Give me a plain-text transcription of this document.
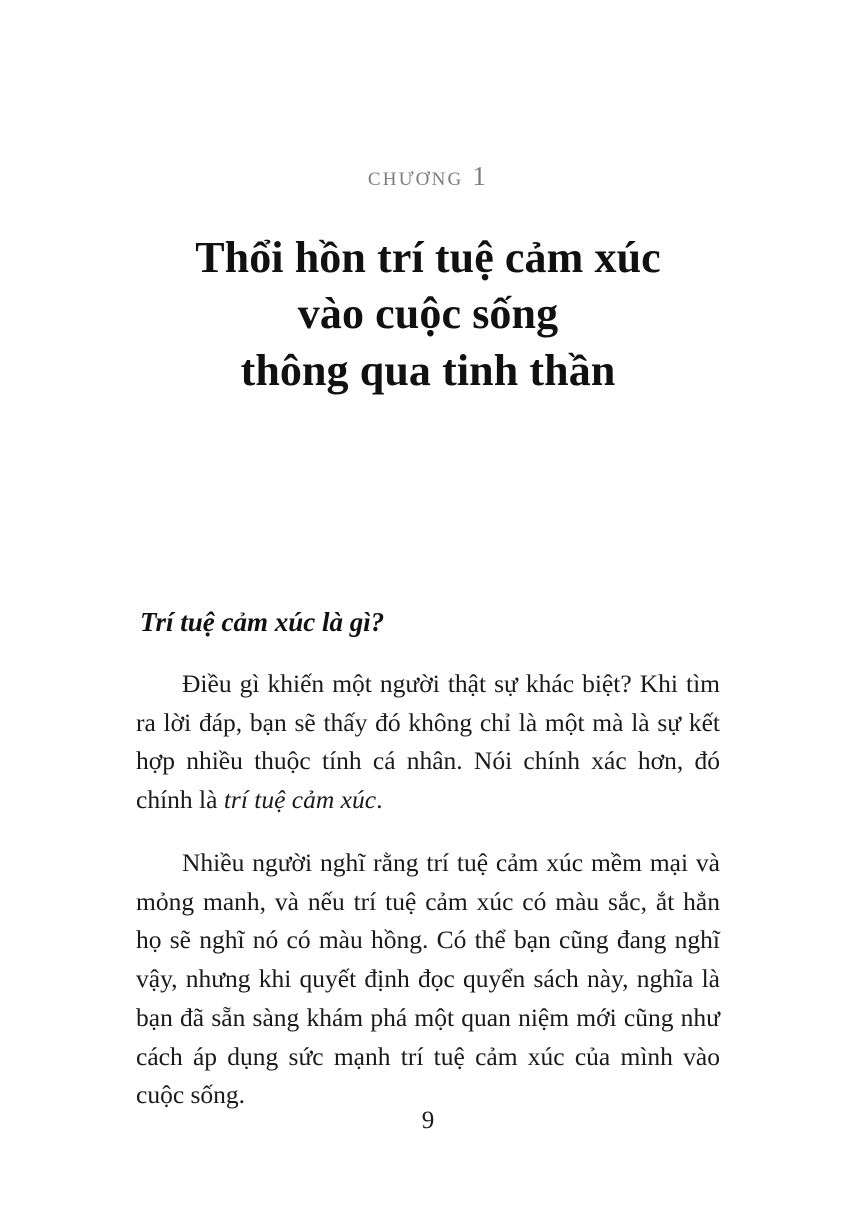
chương 1
Thổi hồn trí tuệ cảm xúc
vào cuộc sống
thông qua tinh thần
Trí tuệ cảm xúc là gì?

Điều gì khiến một người thật sự khác biệt? Khi tìm ra lời đáp, bạn sẽ thấy đó không chỉ là một mà là sự kết hợp nhiều thuộc tính cá nhân. Nói chính xác hơn, đó chính là trí tuệ cảm xúc.

Nhiều người nghĩ rằng trí tuệ cảm xúc mềm mại và mỏng manh, và nếu trí tuệ cảm xúc có màu sắc, ắt hẳn họ sẽ nghĩ nó có màu hồng. Có thể bạn cũng đang nghĩ vậy, nhưng khi quyết định đọc quyển sách này, nghĩa là bạn đã sẵn sàng khám phá một quan niệm mới cũng như cách áp dụng sức mạnh trí tuệ cảm xúc của mình vào cuộc sống.

9
